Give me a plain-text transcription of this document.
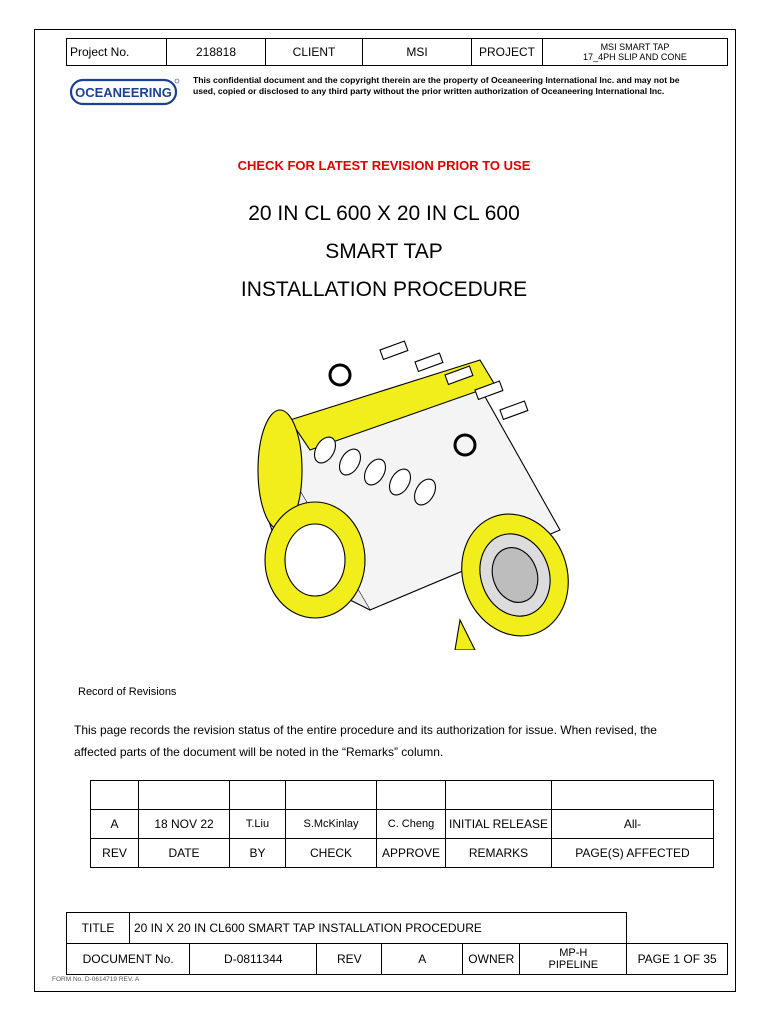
Project No.	218818	CLIENT	MSI	PROJECT	MSI SMART TAP
17_4PH SLIP AND CONE
OCEANEERING
This confidential document and the copyright therein are the property of Oceaneering International Inc. and may not be
used, copied or disclosed to any third party without the prior written authorization of Oceaneering International Inc.
CHECK FOR LATEST REVISION PRIOR TO USE
20 IN CL 600 X 20 IN CL 600
SMART TAP
INSTALLATION PROCEDURE
Record of Revisions
This page records the revision status of the entire procedure and its authorization for issue. When revised, the
affected parts of the document will be noted in the “Remarks” column.

A	18 NOV 22	T.Liu	S.McKinlay	C. Cheng	INITIAL RELEASE	All-
REV	DATE	BY	CHECK	APPROVE	REMARKS	PAGE(S) AFFECTED
TITLE	20 IN X 20 IN CL600 SMART TAP INSTALLATION PROCEDURE						
DOCUMENT No.		D-0811344	REV	A	OWNER	MP-H
PIPELINE	PAGE 1 OF 35
FORM No. D-0614719 REV. A
